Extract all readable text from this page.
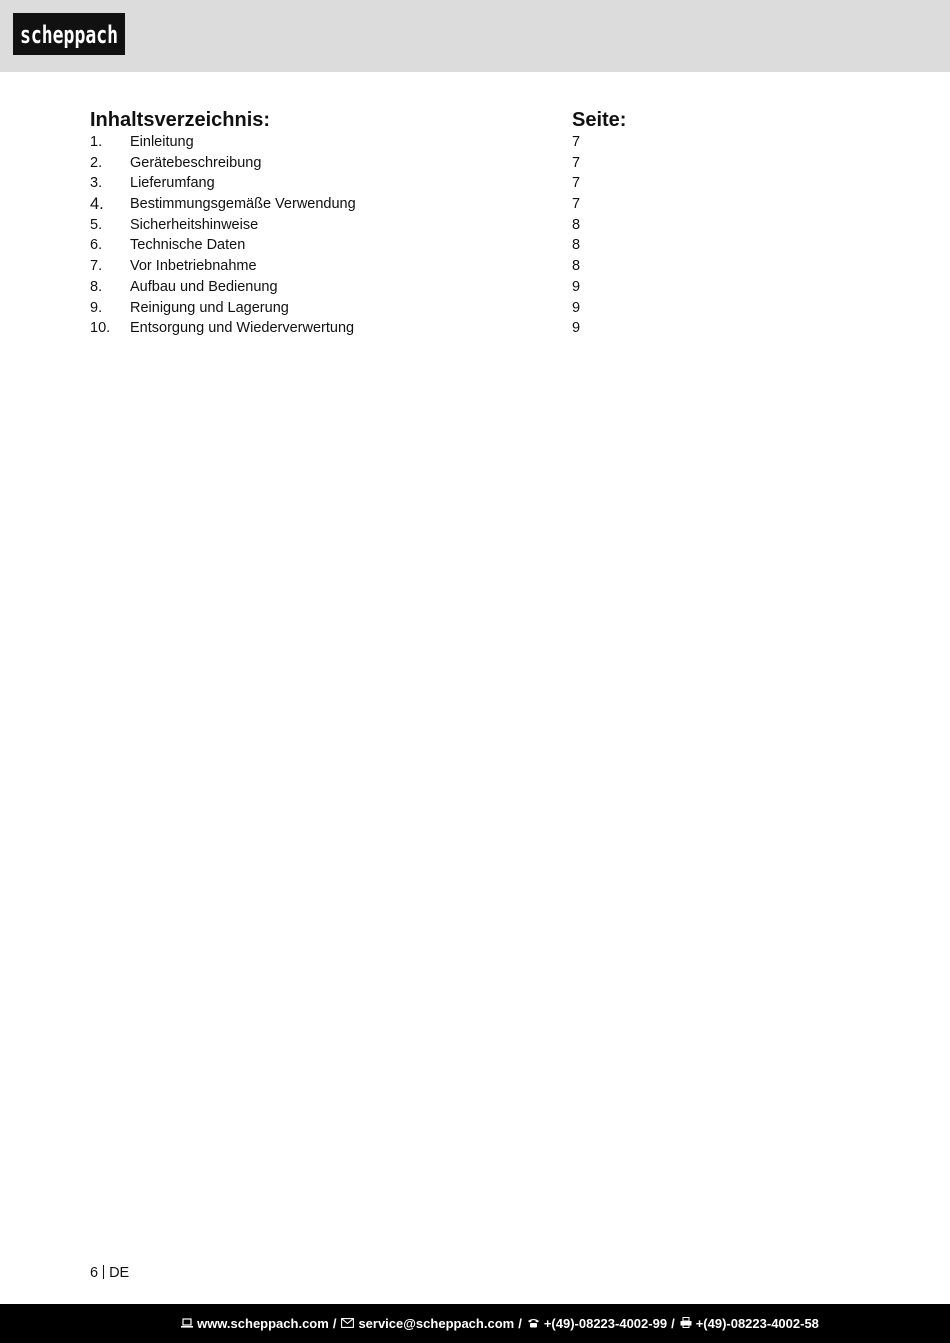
scheppach
Inhaltsverzeichnis:	Seite:
1. Einleitung	7
2. Gerätebeschreibung	7
3. Lieferumfang	7
4. Bestimmungsgemäße Verwendung	7
5. Sicherheitshinweise	8
6. Technische Daten	8
7. Vor Inbetriebnahme	8
8. Aufbau und Bedienung	9
9. Reinigung und Lagerung	9
10. Entsorgung und Wiederverwertung	9
6 DE
www.scheppach.com / service@scheppach.com / +(49)-08223-4002-99 / +(49)-08223-4002-58
